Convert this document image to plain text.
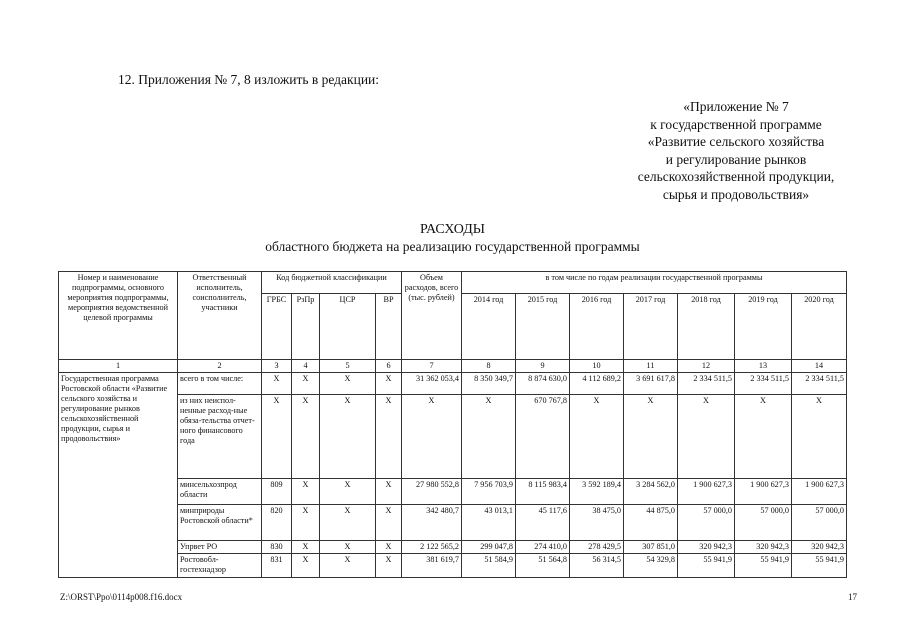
12. Приложения № 7, 8 изложить в редакции:
«Приложение № 7
к государственной программе
«Развитие сельского хозяйства
и регулирование рынков
сельскохозяйственной продукции,
сырья и продовольствия»
РАСХОДЫ
областного бюджета на реализацию государственной программы
Номер и наименование подпрограммы, основного мероприятия подпрограммы, мероприятия ведомственной целевой программы	Ответственный исполнитель, соисполнитель, участники	Код бюджетной классификации				Объем расходов, всего (тыс. рублей)	в том числе по годам реализации государственной программы						
		ГРБС	РзПр	ЦСР	ВР		2014 год	2015 год	2016 год	2017 год	2018 год	2019 год	2020 год
1	2	3	4	5	6	7	8	9	10	11	12	13	14
Государственная программа Ростовской области «Развитие сельского хозяйства и регулирование рынков сельскохозяйственной продукции, сырья и продовольствия»	всего в том числе:	Х	Х	Х	Х	31 362 053,4	8 350 349,7	8 874 630,0	4 112 689,2	3 691 617,8	2 334 511,5	2 334 511,5	2 334 511,5
	из них неиспол-ненные расход-ные обяза-тельства отчет-ного финансового года	Х	Х	Х	Х	Х	Х	670 767,8	Х	Х	Х	Х	Х
	минсельхозпрод области	809	Х	Х	Х	27 980 552,8	7 956 703,9	8 115 983,4	3 592 189,4	3 284 562,0	1 900 627,3	1 900 627,3	1 900 627,3
	минприроды Ростовской области*	820	Х	Х	Х	342 480,7	43 013,1	45 117,6	38 475,0	44 875,0	57 000,0	57 000,0	57 000,0
	Упрвет РО	830	Х	Х	Х	2 122 565,2	299 047,8	274 410,0	278 429,5	307 851,0	320 942,3	320 942,3	320 942,3
	Ростовобл-гостехнадзор	831	Х	Х	Х	381 619,7	51 584,9	51 564,8	56 314,5	54 329,8	55 941,9	55 941,9	55 941,9
Z:\ORST\Ppo\0114p008.f16.docx	17
